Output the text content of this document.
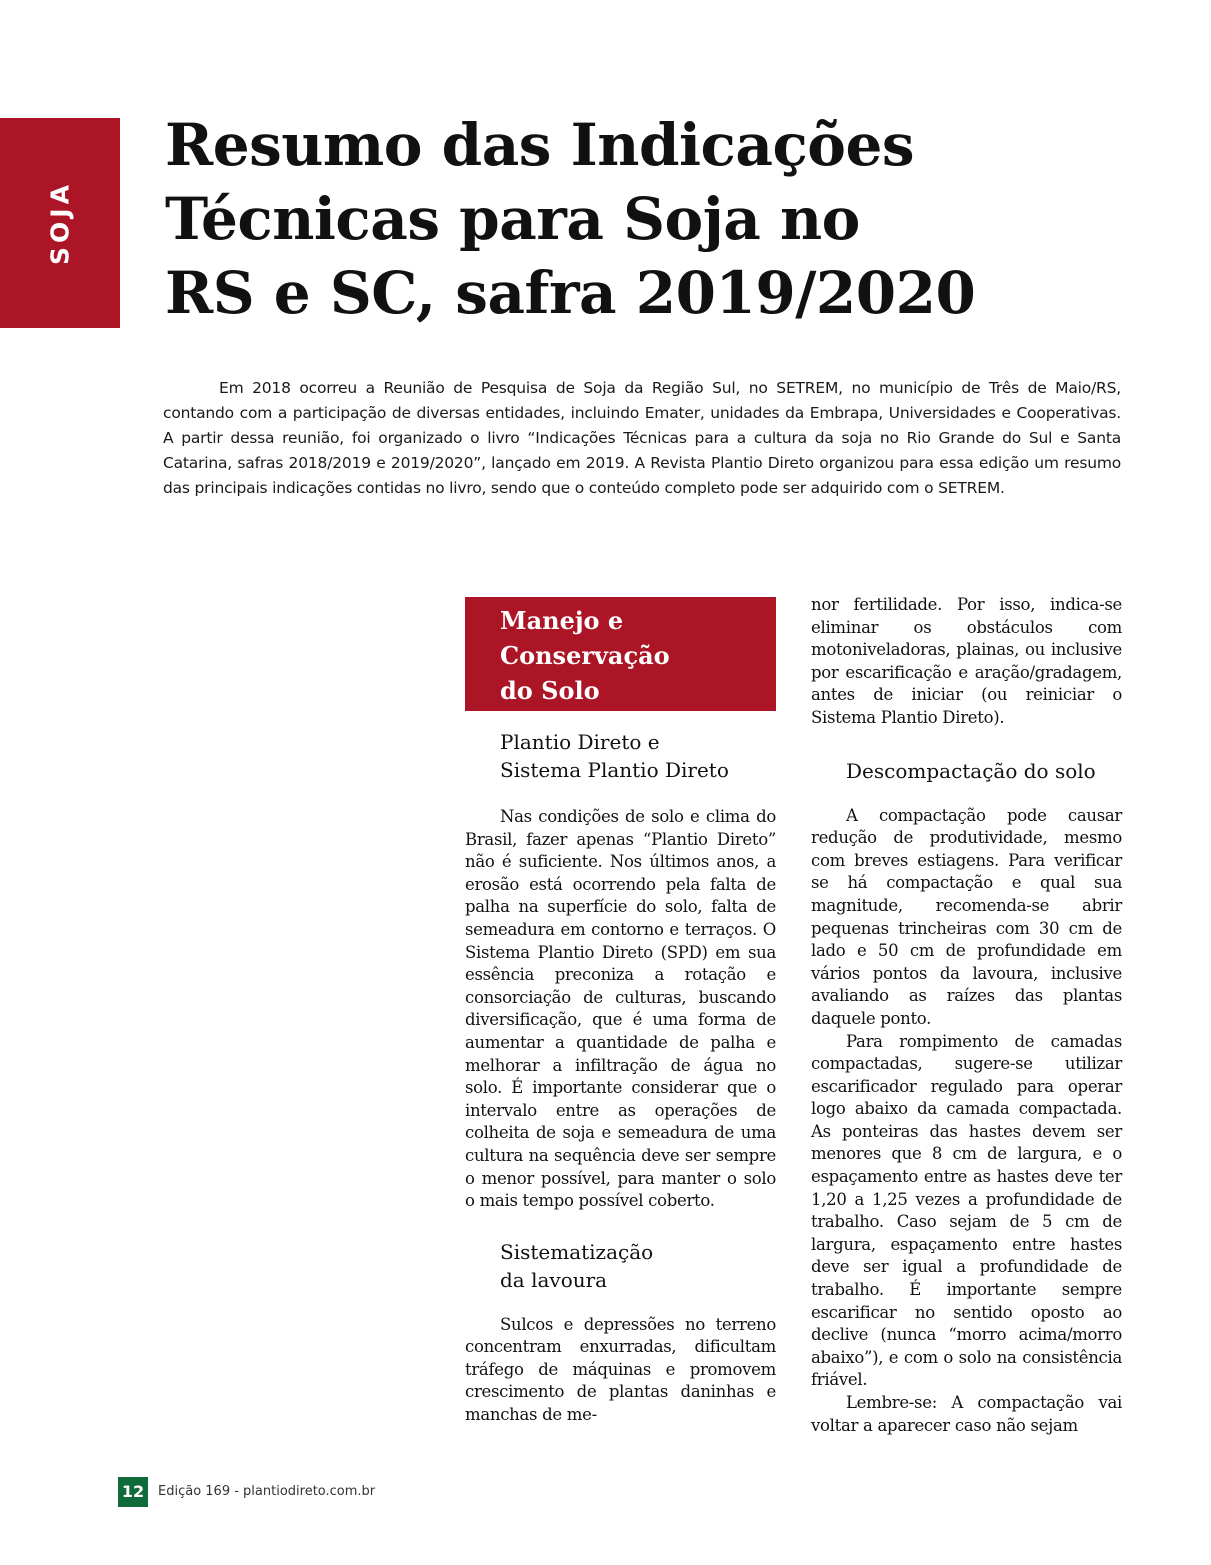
SOJA
Resumo das Indicações
Técnicas para Soja no
RS e SC, safra 2019/2020

Em 2018 ocorreu a Reunião de Pesquisa de Soja da Região Sul, no SETREM, no município de Três de Maio/RS, contando com a participação de diversas entidades, incluindo Emater, unidades da Embrapa, Universidades e Cooperativas. A partir dessa reunião, foi organizado o livro “Indicações Técnicas para a cultura da soja no Rio Grande do Sul e Santa Catarina, safras 2018/2019 e 2019/2020”, lançado em 2019. A Revista Plantio Direto organizou para essa edição um resumo das principais indicações contidas no livro, sendo que o conteúdo completo pode ser adquirido com o SETREM.

Manejo e
Conservação
do Solo
Plantio Direto e
Sistema Plantio Direto

Nas condições de solo e clima do Brasil, fazer apenas “Plantio Direto” não é suficiente. Nos últimos anos, a erosão está ocorrendo pela falta de palha na superfície do solo, falta de semeadura em contorno e terraços. O Sistema Plantio Direto (SPD) em sua essência preconiza a rotação e consorciação de culturas, buscando diversificação, que é uma forma de aumentar a quantidade de palha e melhorar a infiltração de água no solo. É importante considerar que o intervalo entre as operações de colheita de soja e semeadura de uma cultura na sequência deve ser sempre o menor possível, para manter o solo o mais tempo possível coberto.

Sistematização
da lavoura

Sulcos e depressões no terreno concentram enxurradas, dificultam tráfego de máquinas e promovem crescimento de plantas daninhas e manchas de me-

nor fertilidade. Por isso, indica-se eliminar os obstáculos com motoniveladoras, plainas, ou inclusive por escarificação e aração/gradagem, antes de iniciar (ou reiniciar o Sistema Plantio Direto).

Descompactação do solo

A compactação pode causar redução de produtividade, mesmo com breves estiagens. Para verificar se há compactação e qual sua magnitude, recomenda-se abrir pequenas trincheiras com 30 cm de lado e 50 cm de profundidade em vários pontos da lavoura, inclusive avaliando as raízes das plantas daquele ponto.

Para rompimento de camadas compactadas, sugere-se utilizar escarificador regulado para operar logo abaixo da camada compactada. As ponteiras das hastes devem ser menores que 8 cm de largura, e o espaçamento entre as hastes deve ter 1,20 a 1,25 vezes a profundidade de trabalho. Caso sejam de 5 cm de largura, espaçamento entre hastes deve ser igual a profundidade de trabalho. É importante sempre escarificar no sentido oposto ao declive (nunca “morro acima/morro abaixo”), e com o solo na consistência friável.

Lembre-se: A compactação vai voltar a aparecer caso não sejam

12 Edição 169 - plantiodireto.com.br
